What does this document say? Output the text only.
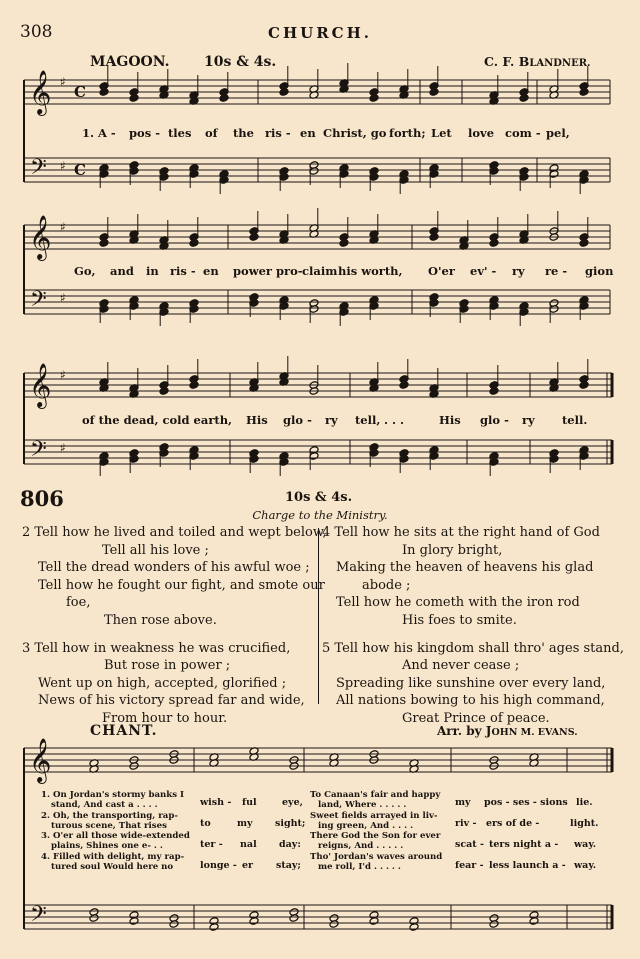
308	CHURCH.
MAGOON. 10s & 4s.	C. F. BLANDNER.
𝄞
𝄢
♯
♯
C
C
𝄞
𝄢
♯
♯
𝄞
𝄢
♯
♯
𝄞
𝄢
1. A - pos - tles of the ris - en Christ, go forth; Let love com - pel,
Go, and in ris - en power pro- claim his worth, O'er ev' - ry re - gion
of the dead, cold earth, His glo - ry tell, . . .	His glo - ry tell.
806	10s & 4s.
Charge to the Ministry.
2 Tell how he lived and toiled and wept below,
Tell all his love ;
Tell the dread wonders of his awful woe ;
Tell how he fought our fight, and smote our
foe,
Then rose above.
3 Tell how in weakness he was crucified,
But rose in power ;
Went up on high, accepted, glorified ;
News of his victory spread far and wide,
From hour to hour.
4 Tell how he sits at the right hand of God
In glory bright,
Making the heaven of heavens his glad
abode ;
Tell how he cometh with the iron rod
His foes to smite.
5 Tell how his kingdom shall thro' ages stand,
And never cease ;
Spreading like sunshine over every land,
All nations bowing to his high command,
Great Prince of peace.
CHANT.	Arr. by JOHN M. EVANS.
1. On Jordan's stormy banks I
stand, And cast a . . . .
2. Oh, the transporting, rap-
turous scene, That rises
3. O'er all those wide-extended
plains, Shines one e- . .
4. Filled with delight, my rap-
tured soul Would here no
wish - ful	eye,
to	my sight;
ter - nal day:
longe - er stay;
To Canaan's fair and happy
land, Where . . . . .
Sweet fields arrayed in liv-
ing green, And . . . .
There God the Son for ever
reigns, And . . . . .
Tho' Jordan's waves around
me roll, I'd . . . . .
my pos - ses - sions lie.
riv - ers of de -	light.
scat - ters night a - way.
fear - less launch a - way.
